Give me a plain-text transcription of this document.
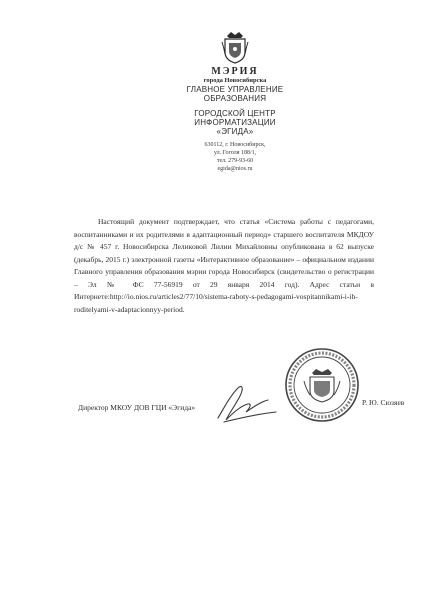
МЭРИЯ
города Новосибирска
ГЛАВНОЕ УПРАВЛЕНИЕ
ОБРАЗОВАНИЯ
ГОРОДСКОЙ ЦЕНТР
ИНФОРМАТИЗАЦИИ
«ЭГИДА»
630112, г. Новосибирск,
ул. Гоголя 188/1,
тел. 279-93-60
egida@nios.ru

Настоящий документ подтверждает, что статья «Система работы с педагогами, воспитанниками и их родителями в адаптационный период» старшего воспитателя МКДОУ д/с № 457 г. Новосибирска Леликовой Лилии Михайловны опубликована в 62 выпуске (декабрь, 2015 г.) электронной газеты «Интерактивное образование» – официальном издании Главного управления образования мэрии города Новосибирск (свидетельство о регистрации – Эл № ФС 77-56919 от 29 января 2014 год). Адрес статьи в Интернете:http://io.nios.ru/articles2/77/10/sistema-raboty-s-pedagogami-vospitannikami-i-ih-roditelyami-v-adaptacionnyy-period.

Директор МКОУ ДОВ ГЦИ «Эгида»
Р. Ю. Сюзяев
